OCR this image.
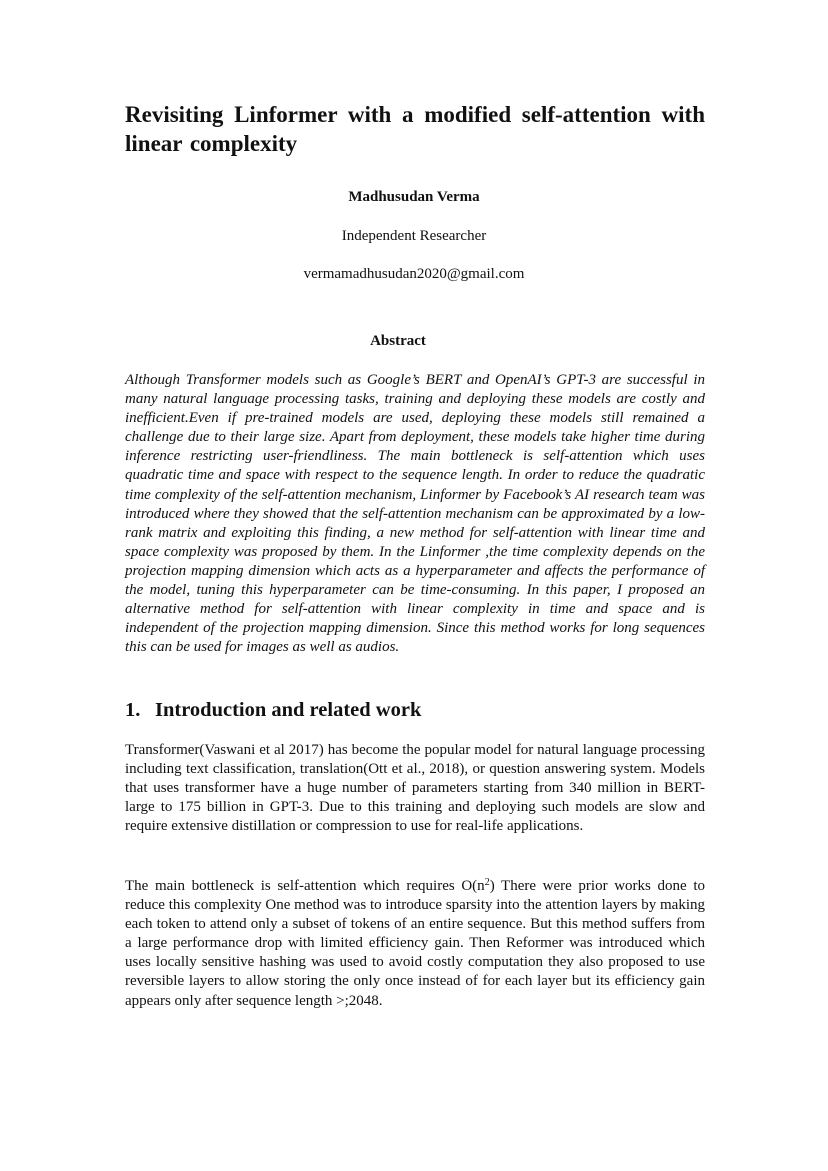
Revisiting Linformer with a modified self-attention with linear complexity
Madhusudan Verma
Independent Researcher
vermamadhusudan2020@gmail.com
Abstract

Although Transformer models such as Google’s BERT and OpenAI’s GPT-3 are successful in many natural language processing tasks, training and deploying these models are costly and inefficient.Even if pre-trained models are used, deploying these models still remained a challenge due to their large size. Apart from deployment, these models take higher time during inference restricting user-friendliness. The main bottleneck is self-attention which uses quadratic time and space with respect to the sequence length. In order to reduce the quadratic time complexity of the self-attention mechanism, Linformer by Facebook’s AI research team was introduced where they showed that the self-attention mechanism can be approximated by a low-rank matrix and exploiting this finding, a new method for self-attention with linear time and space complexity was proposed by them. In the Linformer ,the time complexity depends on the projection mapping dimension which acts as a hyperparameter and affects the performance of the model, tuning this hyperparameter can be time-consuming. In this paper, I proposed an alternative method for self-attention with linear complexity in time and space and is independent of the projection mapping dimension. Since this method works for long sequences this can be used for images as well as audios.

1. Introduction and related work

Transformer(Vaswani et al 2017) has become the popular model for natural language processing including text classification, translation(Ott et al., 2018), or question answering system. Models that uses transformer have a huge number of parameters starting from 340 million in BERT-large to 175 billion in GPT-3. Due to this training and deploying such models are slow and require extensive distillation or compression to use for real-life applications.

The main bottleneck is self-attention which requires $O(n^2)$ There were prior works done to reduce this complexity One method was to introduce sparsity into the attention layers by making each token to attend only a subset of tokens of an entire sequence. But this method suffers from a large performance drop with limited efficiency gain. Then Reformer was introduced which uses locally sensitive hashing was used to avoid costly computation they also proposed to use reversible layers to allow storing the only once instead of for each layer but its efficiency gain appears only after sequence length >;2048.
